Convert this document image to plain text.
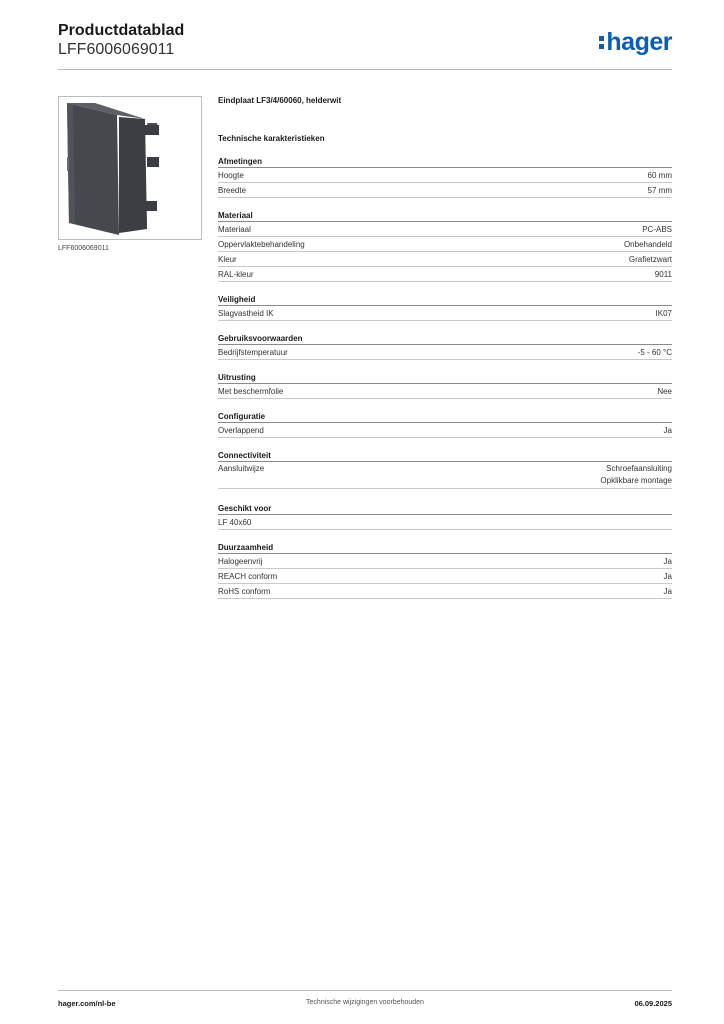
Productdatablad
LFF6006069011	hager
LFF6006069011
Eindplaat LF3/4/60060, helderwit
Technische karakteristieken
Afmetingen
Hoogte	60 mm
Breedte	57 mm
Materiaal
Materiaal	PC-ABS
Oppervlaktebehandeling	Onbehandeld
Kleur	Grafietzwart
RAL-kleur	9011
Veiligheid
Slagvastheid IK	IK07
Gebruiksvoorwaarden
Bedrijfstemperatuur	-5 - 60 °C
Uitrusting
Met beschermfolie	Nee
Configuratie
Overlappend	Ja
Connectiviteit
Aansluitwijze	Schroefaansluiting
Opklikbare montage
Geschikt voor
LF 40x60
Duurzaamheid
Halogeenvrij	Ja
REACH conform	Ja
RoHS conform	Ja
hager.com/nl-be	Technische wijzigingen voorbehouden	06.09.2025
